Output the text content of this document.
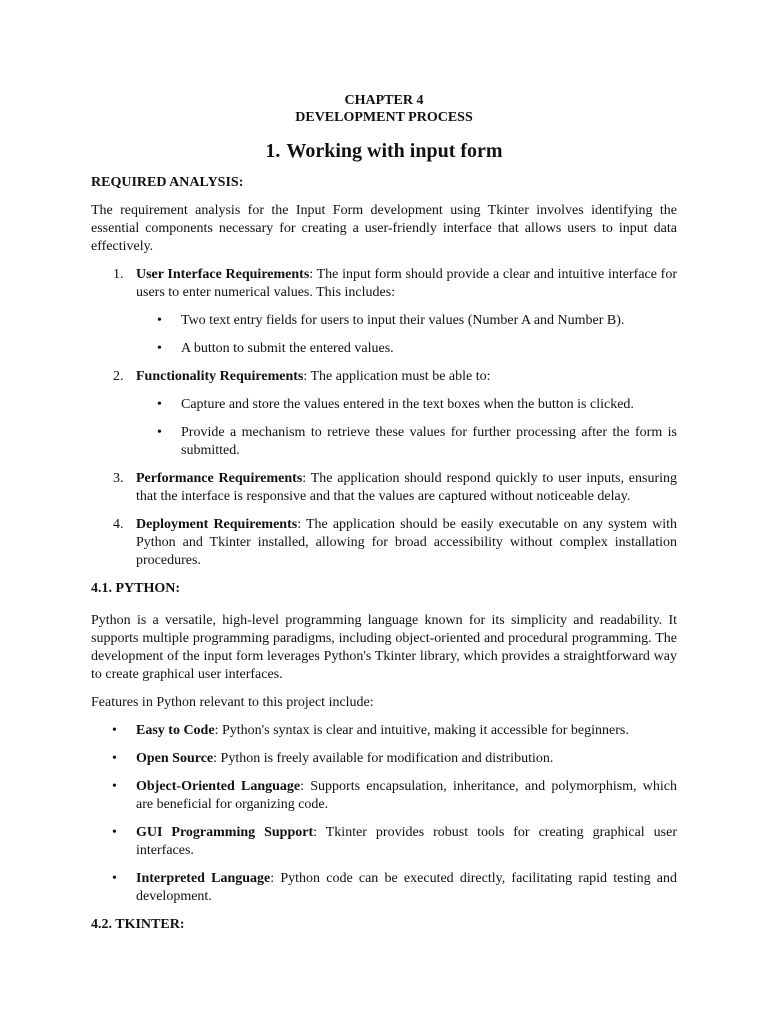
CHAPTER 4
DEVELOPMENT PROCESS
1. Working with input form
REQUIRED ANALYSIS:

The requirement analysis for the Input Form development using Tkinter involves identifying the essential components necessary for creating a user-friendly interface that allows users to input data effectively.

1. User Interface Requirements: The input form should provide a clear and intuitive interface for users to enter numerical values. This includes:
• Two text entry fields for users to input their values (Number A and Number B).
• A button to submit the entered values.
2. Functionality Requirements: The application must be able to:
• Capture and store the values entered in the text boxes when the button is clicked.
• Provide a mechanism to retrieve these values for further processing after the form is submitted.
3. Performance Requirements: The application should respond quickly to user inputs, ensuring that the interface is responsive and that the values are captured without noticeable delay.
4. Deployment Requirements: The application should be easily executable on any system with Python and Tkinter installed, allowing for broad accessibility without complex installation procedures.
4.1. PYTHON:

Python is a versatile, high-level programming language known for its simplicity and readability. It supports multiple programming paradigms, including object-oriented and procedural programming. The development of the input form leverages Python's Tkinter library, which provides a straightforward way to create graphical user interfaces.

Features in Python relevant to this project include:

• Easy to Code: Python's syntax is clear and intuitive, making it accessible for beginners.
• Open Source: Python is freely available for modification and distribution.
• Object-Oriented Language: Supports encapsulation, inheritance, and polymorphism, which are beneficial for organizing code.
• GUI Programming Support: Tkinter provides robust tools for creating graphical user interfaces.
• Interpreted Language: Python code can be executed directly, facilitating rapid testing and development.
4.2. TKINTER:
